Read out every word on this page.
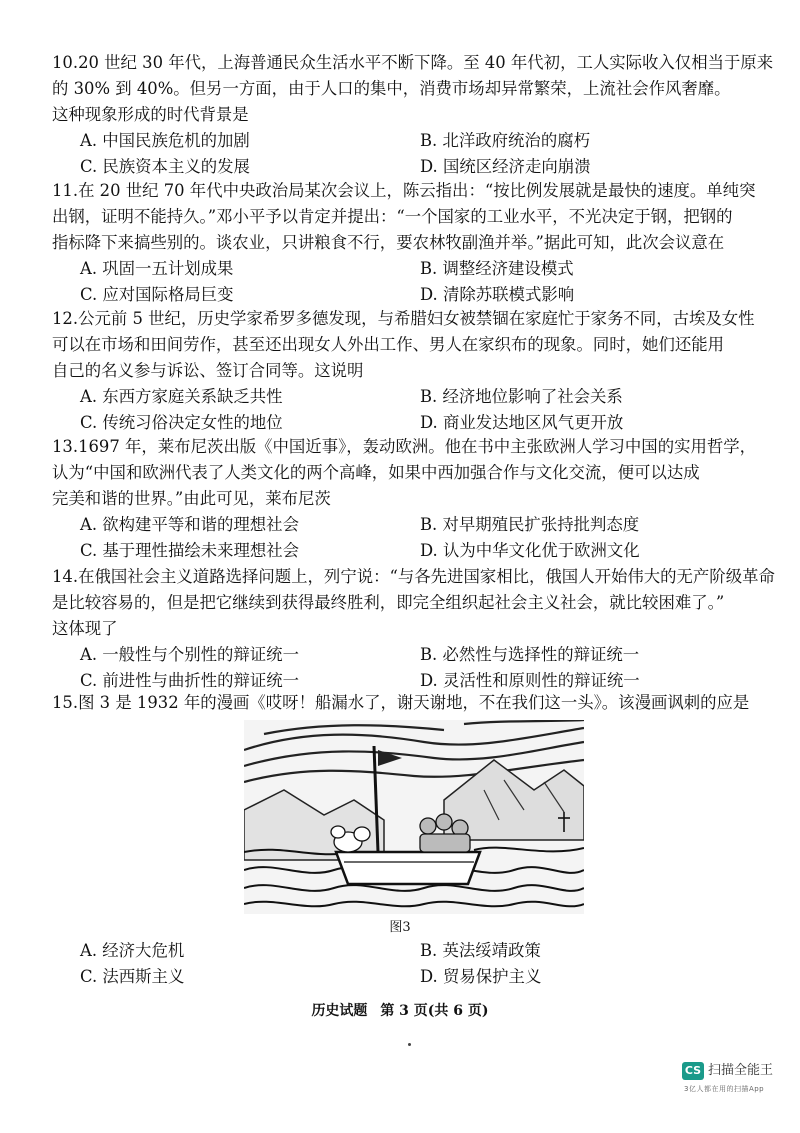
10.20 世纪 30 年代，上海普通民众生活水平不断下降。至 40 年代初，工人实际收入仅相当于原来
的 30% 到 40%。但另一方面，由于人口的集中，消费市场却异常繁荣，上流社会作风奢靡。
这种现象形成的时代背景是
A. 中国民族危机的加剧	B. 北洋政府统治的腐朽
C. 民族资本主义的发展	D. 国统区经济走向崩溃
11.在 20 世纪 70 年代中央政治局某次会议上，陈云指出：“按比例发展就是最快的速度。单纯突
出钢，证明不能持久。”邓小平予以肯定并提出：“一个国家的工业水平，不光决定于钢，把钢的
指标降下来搞些别的。谈农业，只讲粮食不行，要农林牧副渔并举。”据此可知，此次会议意在
A. 巩固一五计划成果	B. 调整经济建设模式
C. 应对国际格局巨变	D. 清除苏联模式影响
12.公元前 5 世纪，历史学家希罗多德发现，与希腊妇女被禁锢在家庭忙于家务不同，古埃及女性
可以在市场和田间劳作，甚至还出现女人外出工作、男人在家织布的现象。同时，她们还能用
自己的名义参与诉讼、签订合同等。这说明
A. 东西方家庭关系缺乏共性	B. 经济地位影响了社会关系
C. 传统习俗决定女性的地位	D. 商业发达地区风气更开放
13.1697 年，莱布尼茨出版《中国近事》，轰动欧洲。他在书中主张欧洲人学习中国的实用哲学，
认为“中国和欧洲代表了人类文化的两个高峰，如果中西加强合作与文化交流，便可以达成
完美和谐的世界。”由此可见，莱布尼茨
A. 欲构建平等和谐的理想社会	B. 对早期殖民扩张持批判态度
C. 基于理性描绘未来理想社会	D. 认为中华文化优于欧洲文化
14.在俄国社会主义道路选择问题上，列宁说：“与各先进国家相比，俄国人开始伟大的无产阶级革命
是比较容易的，但是把它继续到获得最终胜利，即完全组织起社会主义社会，就比较困难了。”
这体现了
A. 一般性与个别性的辩证统一	B. 必然性与选择性的辩证统一
C. 前进性与曲折性的辩证统一	D. 灵活性和原则性的辩证统一
15.图 3 是 1932 年的漫画《哎呀！船漏水了，谢天谢地，不在我们这一头》。该漫画讽刺的应是
图3
A. 经济大危机	B. 英法绥靖政策
C. 法西斯主义	D. 贸易保护主义
历史试题 第 3 页(共 6 页)
CS 扫描全能王
3亿人都在用的扫描App
